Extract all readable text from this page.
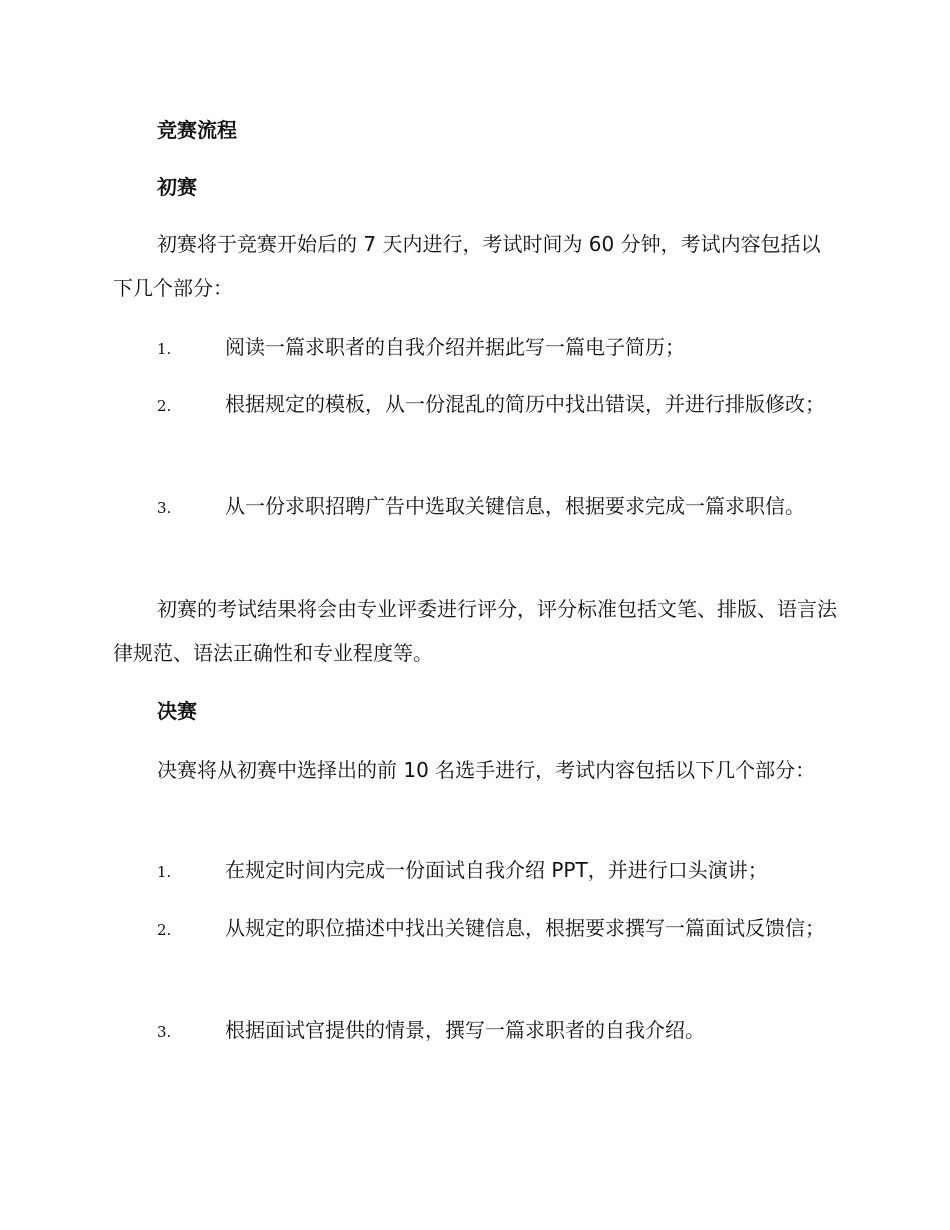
竞赛流程
初赛

初赛将于竞赛开始后的 7 天内进行，考试时间为 60 分钟，考试内容包括以下几个部分：

1.	阅读一篇求职者的自我介绍并据此写一篇电子简历；

2.	根据规定的模板，从一份混乱的简历中找出错误，并进行排版修改；

3.	从一份求职招聘广告中选取关键信息，根据要求完成一篇求职信。

初赛的考试结果将会由专业评委进行评分，评分标准包括文笔、排版、语言法律规范、语法正确性和专业程度等。

决赛

决赛将从初赛中选择出的前 10 名选手进行，考试内容包括以下几个部分：

1.	在规定时间内完成一份面试自我介绍 PPT，并进行口头演讲；

2.	从规定的职位描述中找出关键信息，根据要求撰写一篇面试反馈信；

3.	根据面试官提供的情景，撰写一篇求职者的自我介绍。
